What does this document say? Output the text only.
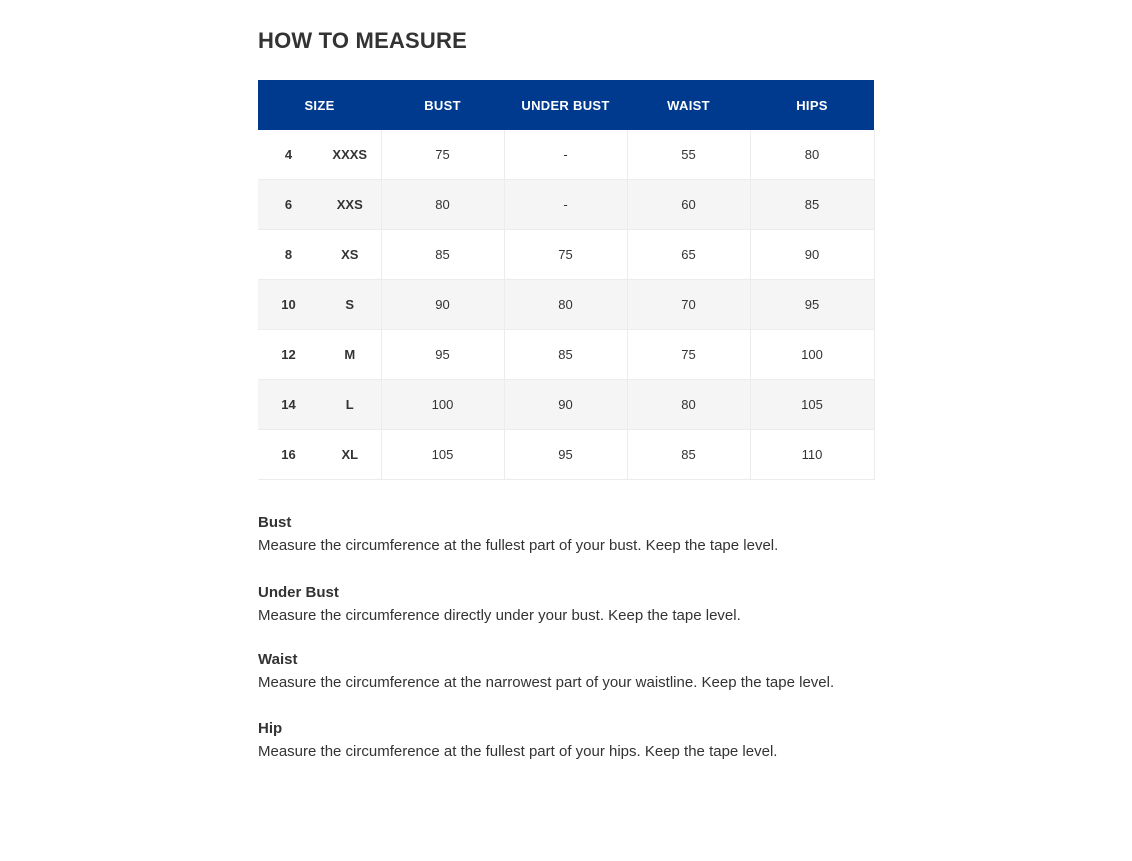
HOW TO MEASURE
SIZE		BUST	UNDER BUST	WAIST	HIPS
4	XXXS	75	-	55	80
6	XXS	80	-	60	85
8	XS	85	75	65	90
10	S	90	80	70	95
12	M	95	85	75	100
14	L	100	90	80	105
16	XL	105	95	85	110
Bust
Measure the circumference at the fullest part of your bust. Keep the tape level.
Under Bust
Measure the circumference directly under your bust. Keep the tape level.
Waist
Measure the circumference at the narrowest part of your waistline. Keep the tape level.
Hip
Measure the circumference at the fullest part of your hips. Keep the tape level.
